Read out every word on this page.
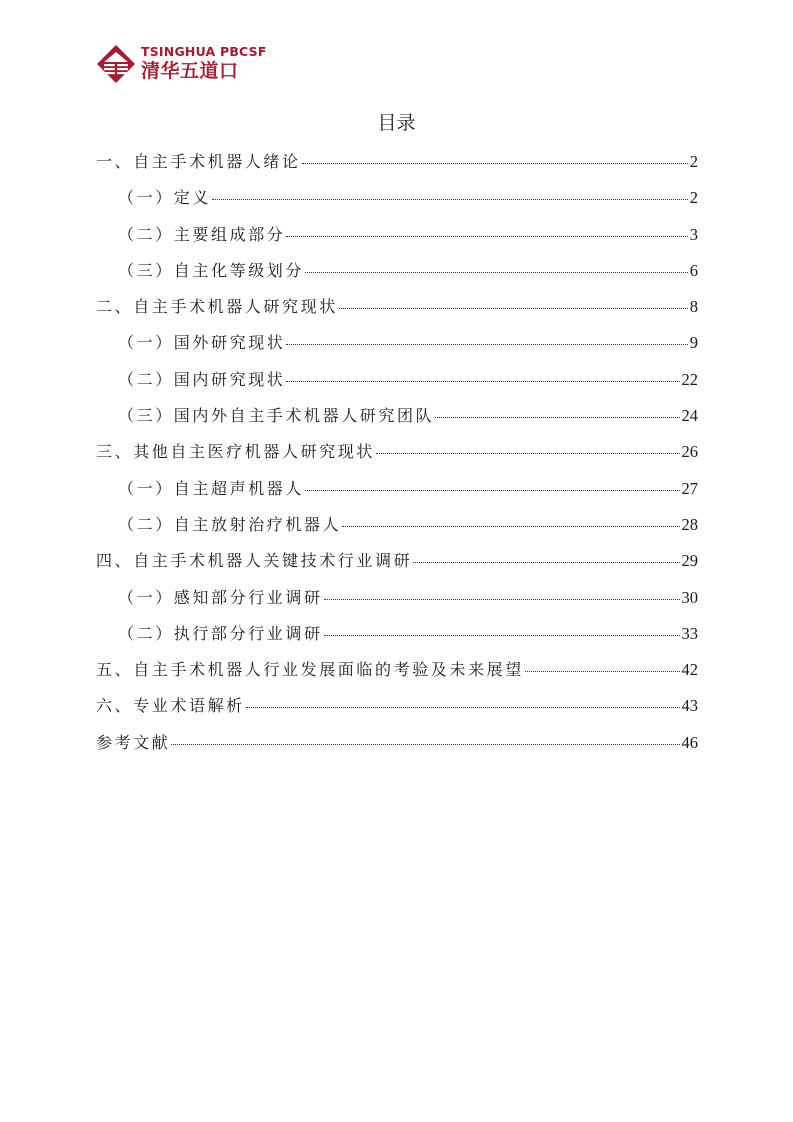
TSINGHUA PBCSF
清华五道口
目录
一、自主手术机器人绪论	2
（一）定义	2
（二）主要组成部分	3
（三）自主化等级划分	6
二、自主手术机器人研究现状	8
（一）国外研究现状	9
（二）国内研究现状	22
（三）国内外自主手术机器人研究团队	24
三、其他自主医疗机器人研究现状	26
（一）自主超声机器人	27
（二）自主放射治疗机器人	28
四、自主手术机器人关键技术行业调研	29
（一）感知部分行业调研	30
（二）执行部分行业调研	33
五、自主手术机器人行业发展面临的考验及未来展望	42
六、专业术语解析	43
参考文献	46
